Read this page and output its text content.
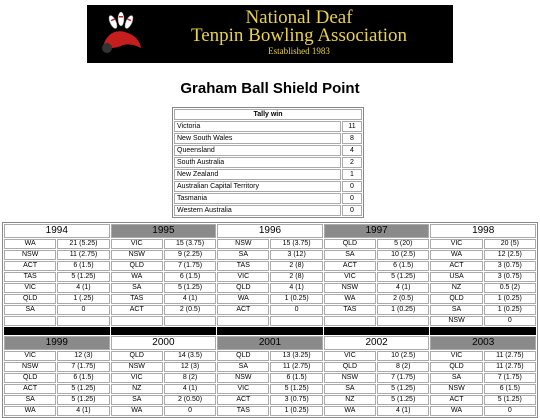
National Deaf
Tenpin Bowling Association
Established 1983
Graham Ball Shield Point
Tally win	
Victoria	11
New South Wales	8
Queensland	4
South Australia	2
New Zealand	1
Australian Capital Territory	0
Tasmania	0
Western Australia	0
1994		1995		1996		1997		1998	
WA	21 (5.25)	VIC	15 (3.75)	NSW	15 (3.75)	QLD	5 (20)	VIC	20 (5)
NSW	11 (2.75)	NSW	9 (2.25)	SA	3 (12)	SA	10 (2.5)	WA	12 (2.5)
ACT	6 (1.5)	QLD	7 (1.75)	TAS	2 (8)	ACT	6 (1.5)	ACT	3 (0.75)
TAS	5 (1.25)	WA	6 (1.5)	VIC	2 (8)	VIC	5 (1.25)	USA	3 (0.75)
VIC	4 (1)	SA	5 (1.25)	QLD	4 (1)	NSW	4 (1)	NZ	0.5 (2)
QLD	1 (.25)	TAS	4 (1)	WA	1 (0.25)	WA	2 (0.5)	QLD	1 (0.25)
SA	0	ACT	2 (0.5)	ACT	0	TAS	1 (0.25)	SA	1 (0.25)
								NSW	0

1999		2000		2001		2002		2003	
VIC	12 (3)	QLD	14 (3.5)	QLD	13 (3.25)	VIC	10 (2.5)	VIC	11 (2.75)
NSW	7 (1.75)	NSW	12 (3)	SA	11 (2.75)	QLD	8 (2)	QLD	11 (2.75)
QLD	6 (1.5)	VIC	8 (2)	NSW	6 (1.5)	NSW	7 (1.75)	SA	7 (1.75)
ACT	5 (1.25)	NZ	4 (1)	VIC	5 (1.25)	SA	5 (1.25)	NSW	6 (1.5)
SA	5 (1.25)	SA	2 (0.50)	ACT	3 (0.75)	NZ	5 (1.25)	ACT	5 (1.25)
WA	4 (1)	WA	0	TAS	1 (0.25)	WA	4 (1)	WA	0
